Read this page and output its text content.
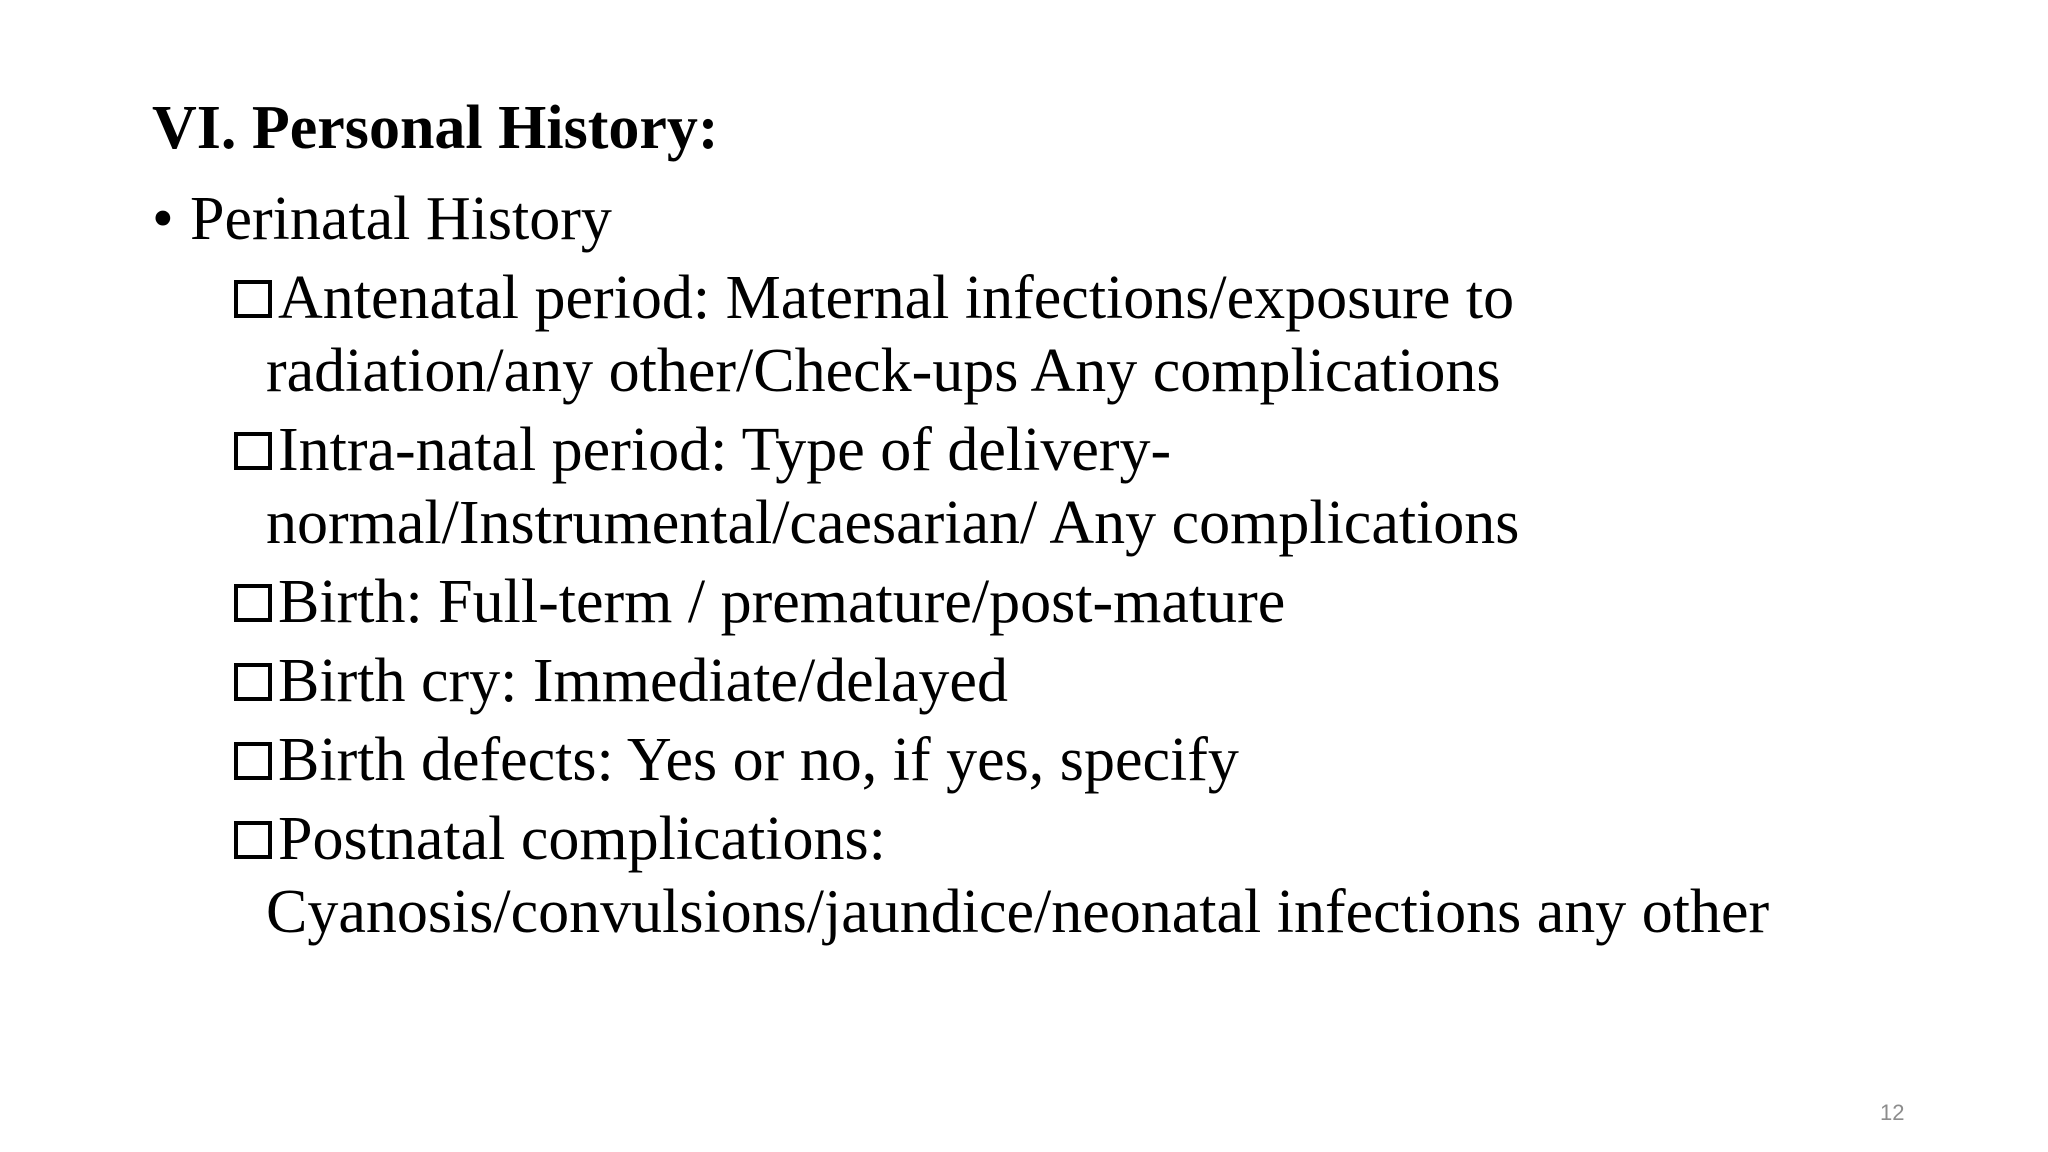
VI. Personal History:
• Perinatal History
Antenatal period: Maternal infections/exposure to
radiation/any other/Check-ups Any complications
Intra-natal period: Type of delivery-
normal/Instrumental/caesarian/ Any complications
Birth: Full-term / premature/post-mature
Birth cry: Immediate/delayed
Birth defects: Yes or no, if yes, specify
Postnatal complications:
Cyanosis/convulsions/jaundice/neonatal infections any other
12
